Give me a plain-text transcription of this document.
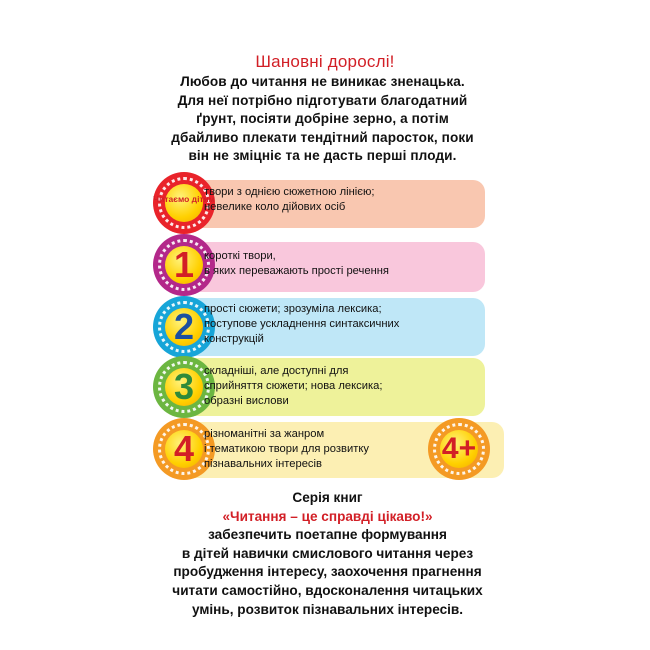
Шановні дорослі!
Любов до читання не виникає зненацька.
Для неї потрібно підготувати благодатний
ґрунт, посіяти добріне зерно, а потім
дбайливо плекати тендітний паросток, поки
він не зміцніє та не дасть перші плоди.
Читаємо дітям
твори з однією сюжетною лінією;
невелике коло дійових осіб
1 короткі твори,
в яких переважають прості речення
2 прості сюжети; зрозуміла лексика;
поступове ускладнення синтаксичних
конструкцій
3 складніші, але доступні для
сприйняття сюжети; нова лексика;
образні вислови
4	4+
різноманітні за жанром
і тематикою твори для розвитку
пізнавальних інтересів
Серія книг
«Читання – це справді цікаво!»
забезпечить поетапне формування
в дітей навички смислового читання через
пробудження інтересу, заохочення прагнення
читати самостійно, вдосконалення читацьких
умінь, розвиток пізнавальних інтересів.
